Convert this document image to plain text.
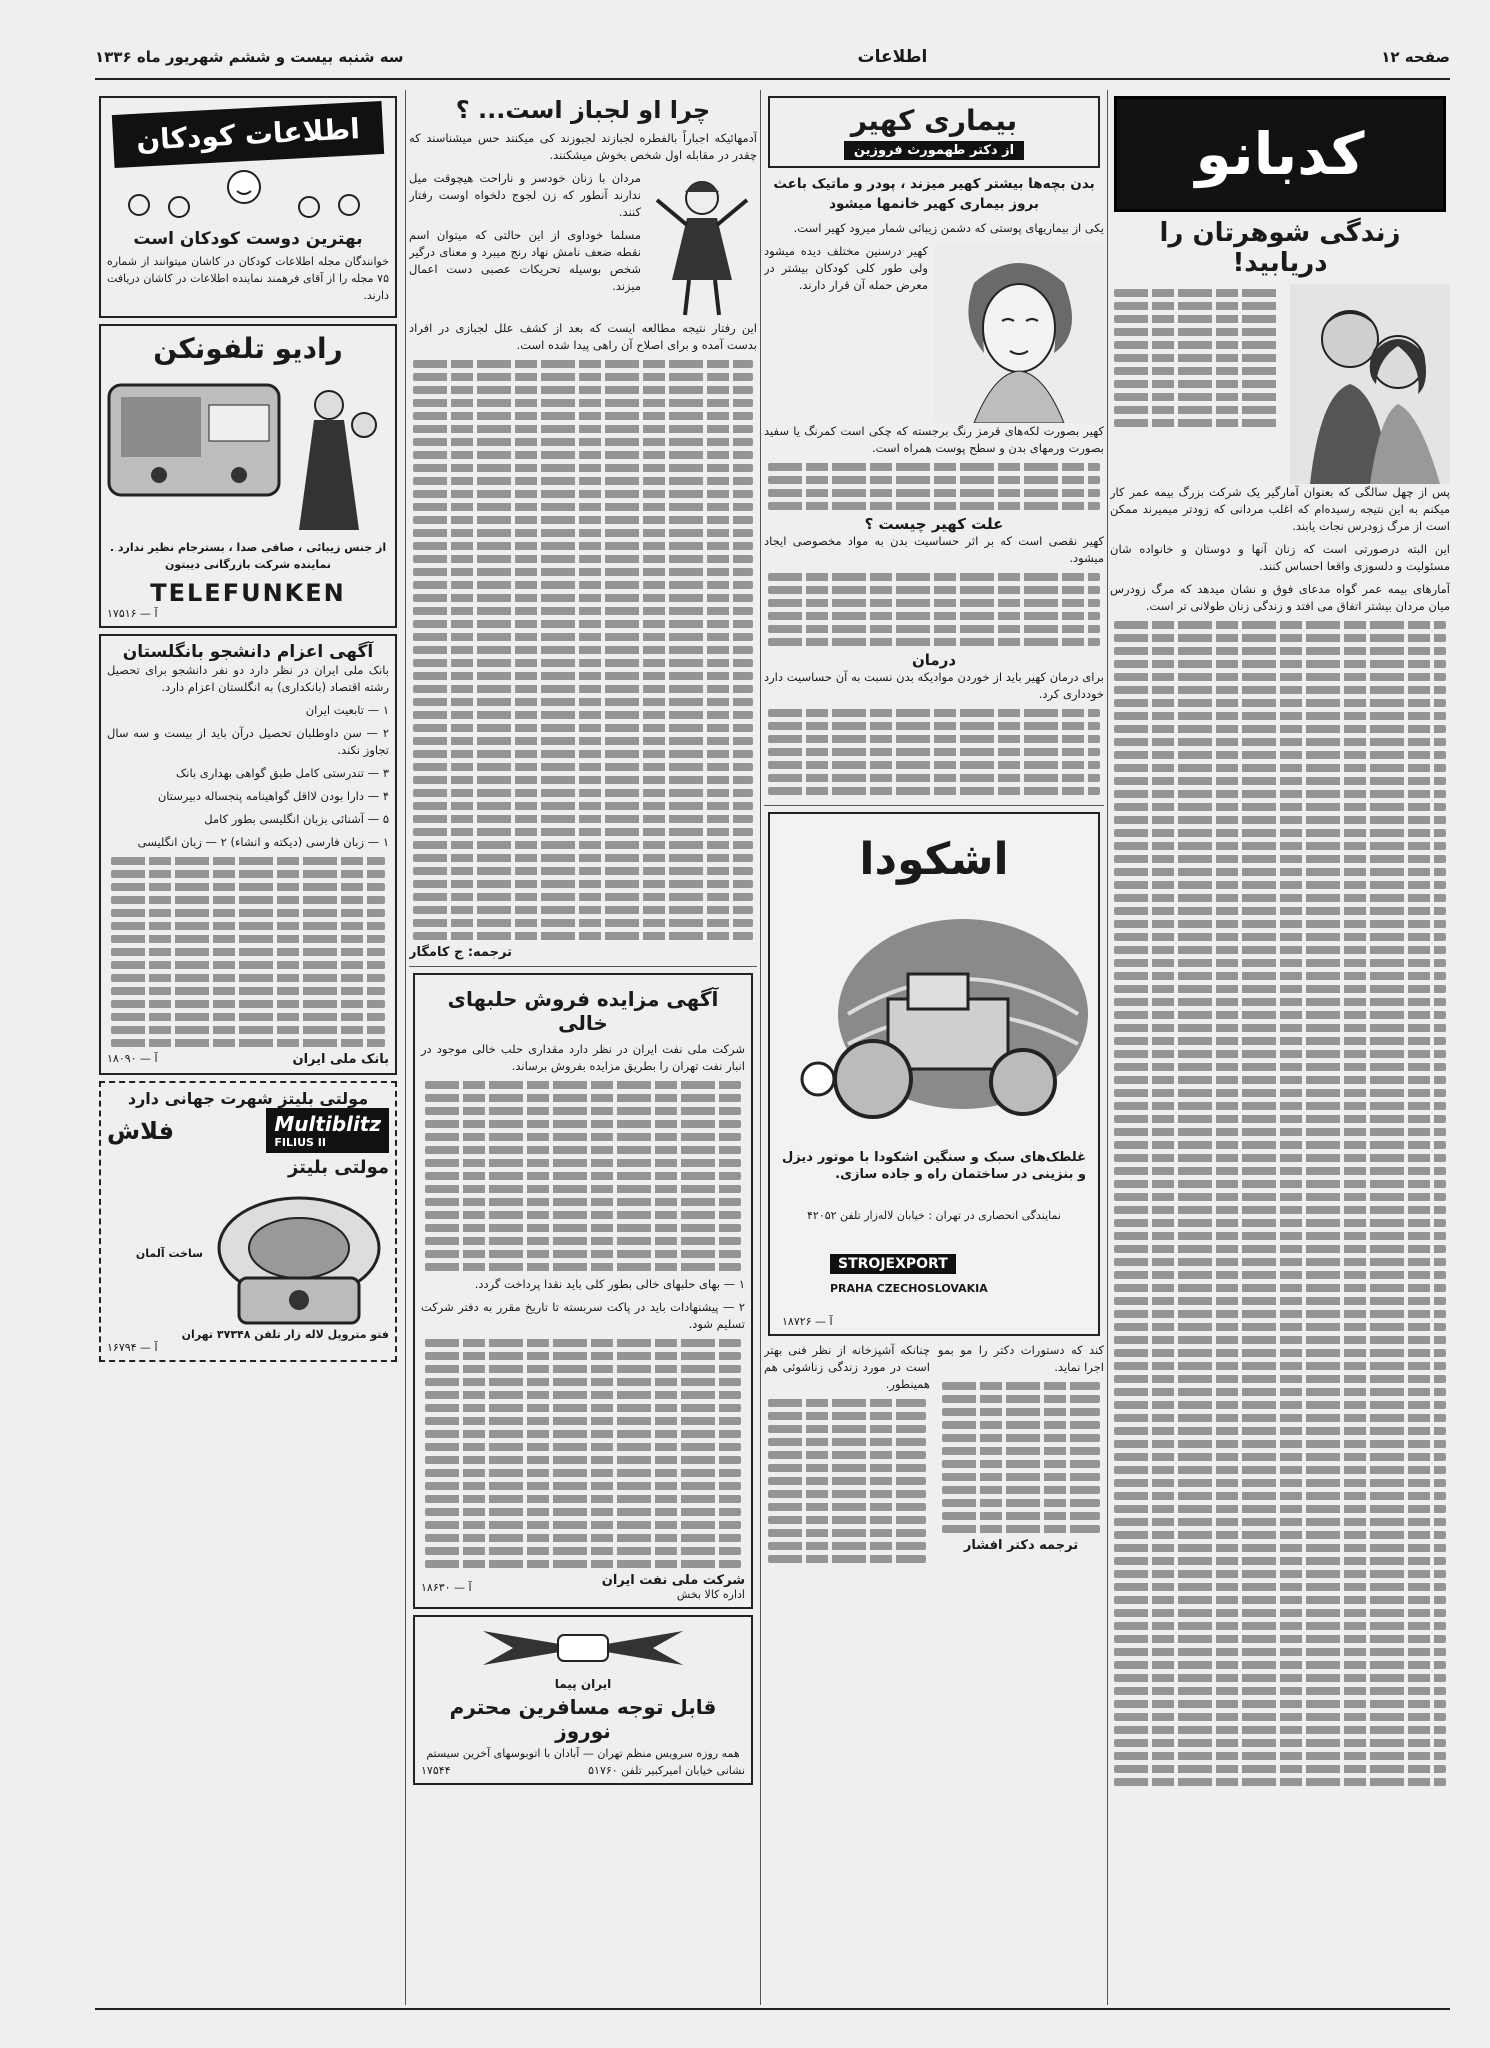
سه شنبه بیست و ششم شهریور ماه ۱۳۳۶	اطلاعات	صفحه ۱۲
کدبانو
زندگی شوهرتان را دریابید!

پس از چهل سالگی که بعنوان آمارگیر یک شرکت بزرگ بیمه عمر کار میکنم به این نتیجه رسیده‌ام که اغلب مردانی که زودتر میمیرند ممکن است از مرگ زودرس نجات یابند.

این البته درصورتی است که زنان آنها و دوستان و خانواده شان مسئولیت و دلسوزی واقعا احساس کنند.

آمارهای بیمه عمر گواه مدعای فوق و نشان میدهد که مرگ زودرس میان مردان بیشتر اتفاق می افتد و زندگی زنان طولانی تر است.

بیماری کهیر
از دکتر طهمورث فروزین
بدن بچه‌ها بیشتر کهیر میزند ، پودر و ماتیک باعث بروز بیماری کهیر خانمها میشود

یکی از بیماریهای پوستی که دشمن زیبائی شمار میرود کهیر است.

کهیر درسنین مختلف دیده میشود ولی طور کلی کودکان بیشتر در معرض حمله آن قرار دارند.

کهیر بصورت لکه‌های قرمز رنگ برجسته که چکی است کمرنگ یا سفید بصورت ورمهای بدن و سطح پوست همراه است.

علت کهیر چیست ؟

کهیر نقصی است که بر اثر حساسیت بدن به مواد مخصوصی ایجاد میشود.

درمان

برای درمان کهیر باید از خوردن موادیکه بدن نسبت به آن حساسیت دارد خودداری کرد.

اشکودا

غلطک‌های سبک و سنگین اشکودا با موتور دیزل و بنزینی در ساختمان راه و جاده سازی.

نمایندگی انحصاری در تهران : خیابان لاله‌زار تلفن ۴۲۰۵۲
STROJEXPORT
PRAHA CZECHOSLOVAKIA
آ — ۱۸۷۲۶

کند که دستورات دکتر را مو بمو اجرا نماید.

ترجمه دکتر افشار

چنانکه آشپزخانه از نظر فنی بهتر است در مورد زندگی زناشوئی هم همینطور.

چرا او لجباز است... ؟

آدمهائیکه اجباراً بالفطره لجبازند لجبوزند کی میکنند حس میشناسند که چقدر در مقابله اول شخص بخوش میشکنند.

مردان با زنان خودسر و ناراحت هیچوقت میل ندارند آنطور که زن لجوج دلخواه اوست رفتار کنند.

مسلما خوداوی از این حالتی که میتوان اسم نقطه ضعف نامش نهاد رنج میبرد و معنای درگیر شخص بوسیله تحریکات عصبی دست اعمال میزند.

این رفتار نتیجه مطالعه ایست که بعد از کشف علل لجبازی در افراد بدست آمده و برای اصلاح آن راهی پیدا شده است.

ترجمه: ج کامگار
آگهی مزایده فروش حلبهای خالی

شرکت ملی نفت ایران در نظر دارد مقداری حلب خالی موجود در انبار نفت تهران را بطریق مزایده بفروش برساند.

۱ — بهای حلبهای خالی بطور کلی باید نقدا پرداخت گردد.

۲ — پیشنهادات باید در پاکت سربسته تا تاریخ مقرر به دفتر شرکت تسلیم شود.

شرکت ملی نفت ایران
اداره کالا بخش
آ — ۱۸۶۳۰
ایران پیما
قابل توجه مسافرین محترم نوروز
همه روزه سرویس منظم تهران — آبادان با اتوبوسهای آخرین سیستم
نشانی خیابان امیرکبیر تلفن ۵۱۷۶۰
۱۷۵۴۴
اطلاعات کودکان
بهترین دوست کودکان است

خوانندگان مجله اطلاعات کودکان در کاشان میتوانند از شماره ۷۵ مجله را از آقای فرهمند نماینده اطلاعات در کاشان دریافت دارند.

رادیو تلفونکن

از جنس زیبائی ، صافی صدا ، بسترجام نظیر ندارد . نماینده شرکت بازرگانی دیبتون

TELEFUNKEN
آ — ۱۷۵۱۶
آگهی اعزام دانشجو بانگلستان

بانک ملی ایران در نظر دارد دو نفر دانشجو برای تحصیل رشته اقتصاد (بانکداری) به انگلستان اعزام دارد.

۱ — تابعیت ایران
۲ — سن داوطلبان تحصیل درآن باید از بیست و سه سال تجاوز نکند.
۳ — تندرستی کامل طبق گواهی بهداری بانک
۴ — دارا بودن لااقل گواهینامه پنجساله دبیرستان
۵ — آشنائی بزبان انگلیسی بطور کامل
۱ — زبان فارسی (دیکته و انشاء) ۲ — زبان انگلیسی
بانک ملی ایران
آ — ۱۸۰۹۰
مولتی بلیتز شهرت جهانی دارد
Multiblitz
FILIUS II
فلاش
مولتی بلیتز
ساخت آلمان
فتو متروپل لاله زار تلفن ۳۷۳۴۸ تهران
آ — ۱۶۷۹۴
